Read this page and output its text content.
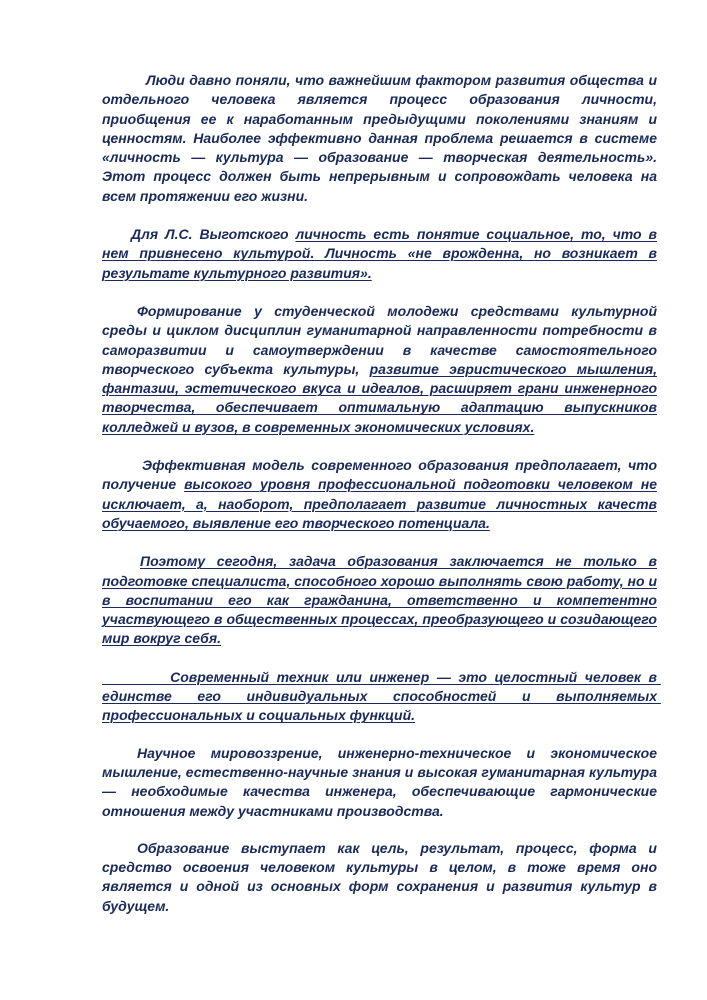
Люди давно поняли, что важнейшим фактором развития общества и отдельного человека является процесс образования личности, приобщения ее к наработанным предыдущими поколениями знаниям и ценностям. Наиболее эффективно данная проблема решается в системе «личность — культура — образование — творческая деятельность». Этот процесс должен быть непрерывным и сопровождать человека на всем протяжении его жизни.

Для Л.С. Выготского личность есть понятие социальное, то, что в нем привнесено культурой. Личность «не врожденна, но возникает в результате культурного развития».

Формирование у студенческой молодежи средствами культурной среды и циклом дисциплин гуманитарной направленности потребности в саморазвитии и самоутверждении в качестве самостоятельного творческого субъекта культуры, развитие эвристического мышления, фантазии, эстетического вкуса и идеалов, расширяет грани инженерного творчества, обеспечивает оптимальную адаптацию выпускников колледжей и вузов, в современных экономических условиях.

Эффективная модель современного образования предполагает, что получение высокого уровня профессиональной подготовки человеком не исключает, а, наоборот, предполагает развитие личностных качеств обучаемого, выявление его творческого потенциала.

Поэтому сегодня, задача образования заключается не только в подготовке специалиста, способного хорошо выполнять свою работу, но и в воспитании его как гражданина, ответственно и компетентно участвующего в общественных процессах, преобразующего и созидающего мир вокруг себя.

Современный техник или инженер — это целостный человек в единстве его индивидуальных способностей и выполняемых профессиональных и социальных функций.

Научное мировоззрение, инженерно-техническое и экономическое мышление, естественно-научные знания и высокая гуманитарная культура — необходимые качества инженера, обеспечивающие гармонические отношения между участниками производства.

Образование выступает как цель, результат, процесс, форма и средство освоения человеком культуры в целом, в тоже время оно является и одной из основных форм сохранения и развития культур в будущем.
